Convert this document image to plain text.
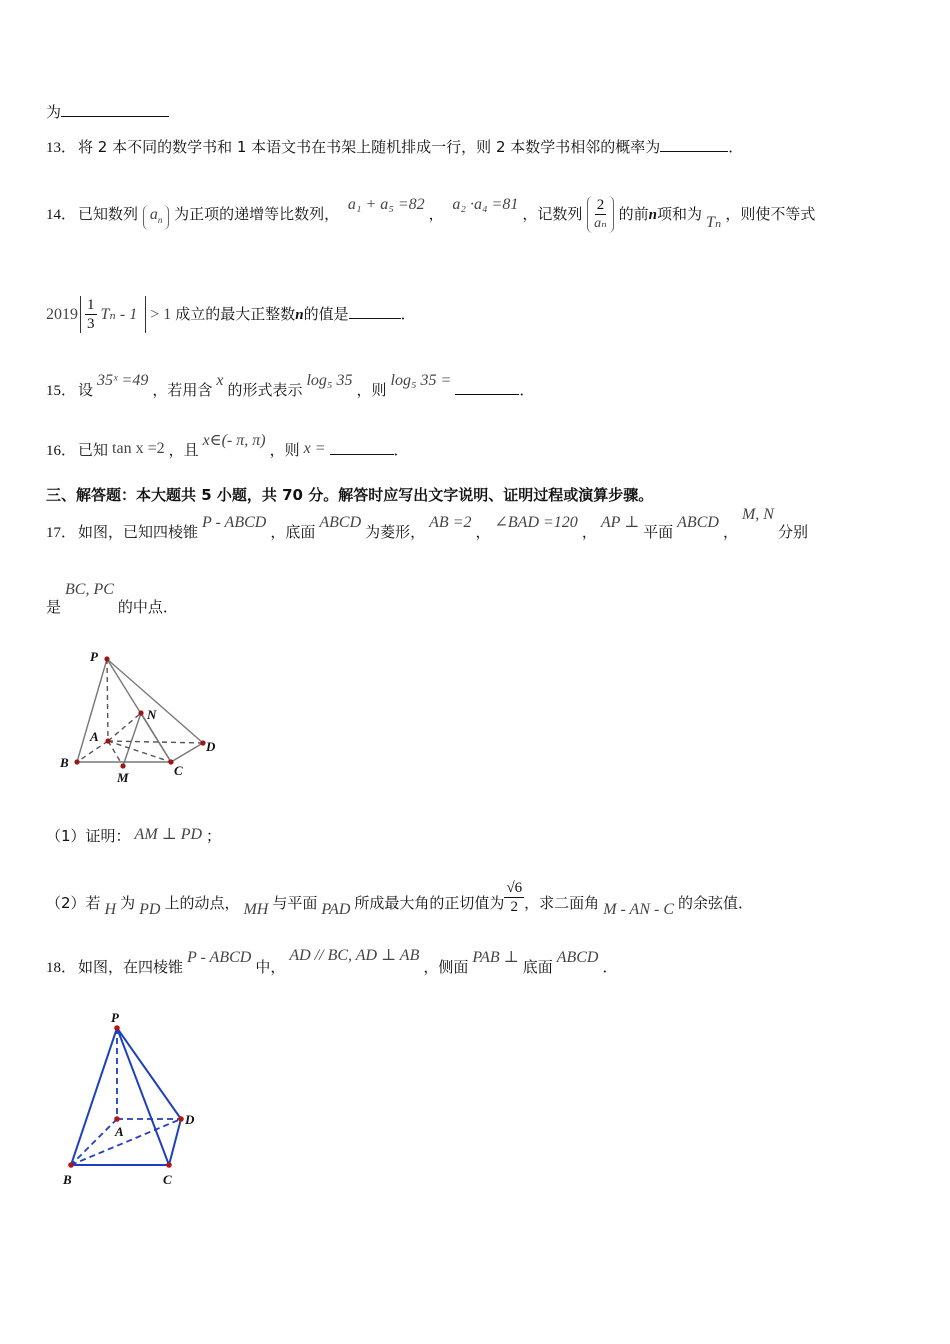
为
13． 将 2 本不同的数学书和 1 本语文书在书架上随机排成一行，则 2 本数学书相邻的概率为	．
14． 已知数列 $a_n$ 为正项的递增等比数列， a₁ + a₅ =82， a₂ ·a₄ =81，记数列 $\frac{2}{\text{aₙ}}$ 的前n项和为 Tₙ ，则使不等式
$2019 \frac{1}{3}$ Tₙ - 1 > 1 成立的最大正整数n的值是	．
15． 设35ˣ =49，若用含x的形式表示log₅ 35，则log₅ 35 =．
16． 已知 tan x =2 ，且x∈(- π, π)，则 x =	．
三、解答题：本大题共 5 小题，共 70 分。解答时应写出文字说明、证明过程或演算步骤。
17． 如图，已知四棱锥P - ABCD，底面ABCD为菱形，AB =2，∠BAD =120，AP ⊥平面ABCD，M, N分别
是BC, PC的中点．
P
N
A
D
B
M	C
（1）证明： AM ⊥ PD ；
（2）若 H 为 PD 上的动点， MH 与平面 PAD 所成最大角的正切值为 $\frac{√6}{2}$ ，求二面角 M - AN - C 的余弦值．
18． 如图，在四棱锥P - ABCD中，AD // BC, AD ⊥ AB，侧面PAB ⊥底面ABCD．
P
A
D
B	C
